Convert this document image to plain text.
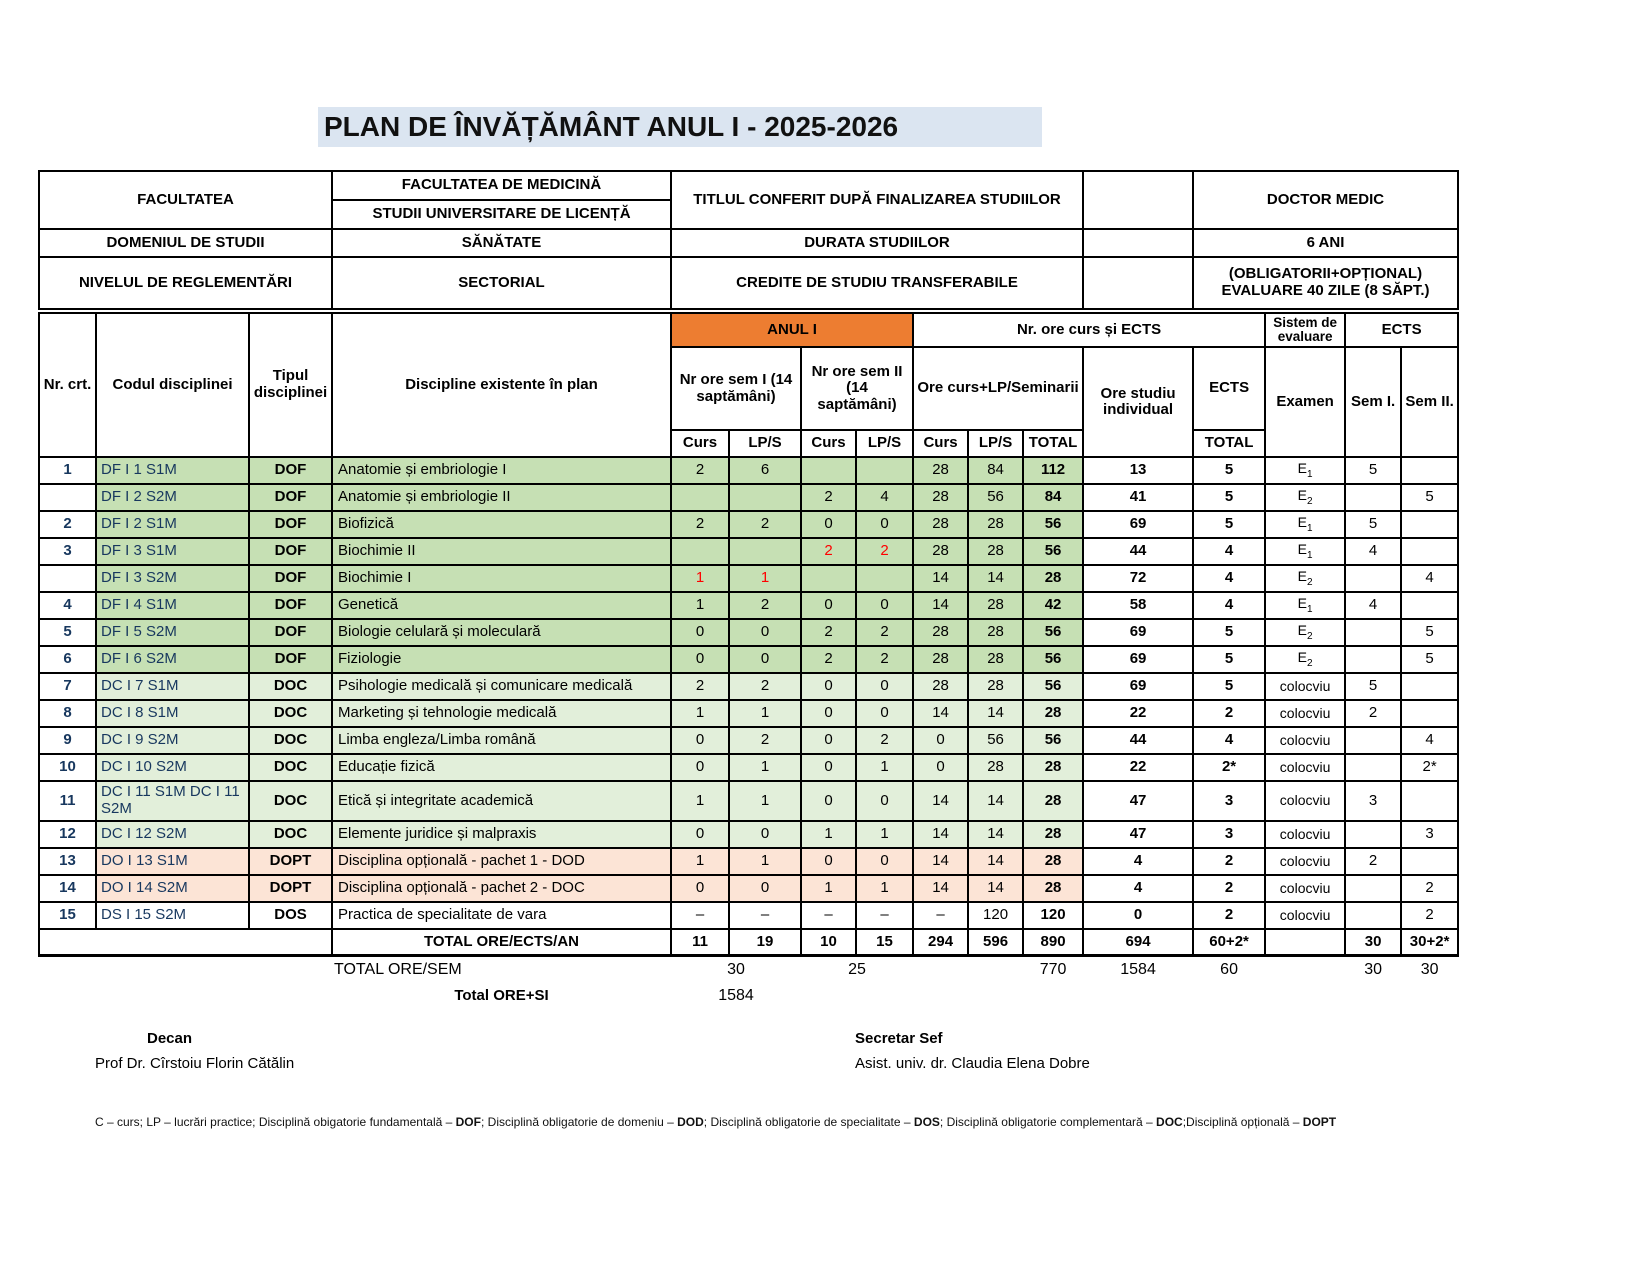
PLAN DE ÎNVĂȚĂMÂNT ANUL I - 2025-2026
FACULTATEA	FACULTATEA DE MEDICINĂ	TITLUL CONFERIT DUPĂ FINALIZAREA STUDIILOR		DOCTOR MEDIC
	STUDII UNIVERSITARE DE LICENȚĂ			
DOMENIUL DE STUDII	SĂNĂTATE	DURATA STUDIILOR		6 ANI
NIVELUL DE REGLEMENTĂRI	SECTORIAL	CREDITE DE STUDIU TRANSFERABILE		(OBLIGATORII+OPȚIONAL)
EVALUARE 40 ZILE (8 SĂPT.)
Nr. crt.	Codul disciplinei	Tipul disciplinei	Discipline existente în plan	ANUL I				Nr. ore curs și ECTS					Sistem de evaluare	ECTS	
				Nr ore sem I (14 saptămâni)		Nr ore sem II (14 saptămâni)		Ore curs+LP/Seminarii			Ore studiu individual	ECTS	Examen	Sem I.	Sem II.
				Curs	LP/S	Curs	LP/S	Curs	LP/S	TOTAL		TOTAL			
1	DF I 1 S1M	DOF	Anatomie și embriologie I	2	6			28	84	112	13	5	$E_1$	5	
	DF I 2 S2M	DOF	Anatomie și embriologie II			2	4	28	56	84	41	5	$E_2$		5
2	DF I 2 S1M	DOF	Biofizică	2	2	0	0	28	28	56	69	5	$E_1$	5	
3	DF I 3 S1M	DOF	Biochimie II			2	2	28	28	56	44	4	$E_1$	4	
	DF I 3 S2M	DOF	Biochimie I	1	1			14	14	28	72	4	$E_2$		4
4	DF I 4 S1M	DOF	Genetică	1	2	0	0	14	28	42	58	4	$E_1$	4	
5	DF I 5 S2M	DOF	Biologie celulară și moleculară	0	0	2	2	28	28	56	69	5	$E_2$		5
6	DF I 6 S2M	DOF	Fiziologie	0	0	2	2	28	28	56	69	5	$E_2$		5
7	DC I 7 S1M	DOC	Psihologie medicală și comunicare medicală	2	2	0	0	28	28	56	69	5	colocviu	5	
8	DC I 8 S1M	DOC	Marketing și tehnologie medicală	1	1	0	0	14	14	28	22	2	colocviu	2	
9	DC I 9 S2M	DOC	Limba engleza/Limba română	0	2	0	2	0	56	56	44	4	colocviu		4
10	DC I 10 S2M	DOC	Educație fizică	0	1	0	1	0	28	28	22	2*	colocviu		2*
11	DC I 11 S1M DC I 11 S2M	DOC	Etică și integritate academică	1	1	0	0	14	14	28	47	3	colocviu	3	
12	DC I 12 S2M	DOC	Elemente juridice și malpraxis	0	0	1	1	14	14	28	47	3	colocviu		3
13	DO I 13 S1M	DOPT	Disciplina opțională - pachet 1 - DOD	1	1	0	0	14	14	28	4	2	colocviu	2	
14	DO I 14 S2M	DOPT	Disciplina opțională - pachet 2 - DOC	0	0	1	1	14	14	28	4	2	colocviu		2
15	DS I 15 S2M	DOS	Practica de specialitate de vara	–	–	–	–	–	120	120	0	2	colocviu		2
			TOTAL ORE/ECTS/AN	11	19	10	15	294	596	890	694	60+2*		30	30+2*
			TOTAL ORE/SEM	30		25				770	1584	60		30	30
			Total ORE+SI	1584											
Decan
Prof Dr. Cîrstoiu Florin Cătălin
Secretar Sef
Asist. univ. dr. Claudia Elena Dobre
C – curs; LP – lucrări practice; Disciplină obigatorie fundamentală – DOF; Disciplină obligatorie de domeniu – DOD; Disciplină obligatorie de specialitate – DOS; Disciplină obligatorie complementară – DOC;Disciplină opțională – DOPT
